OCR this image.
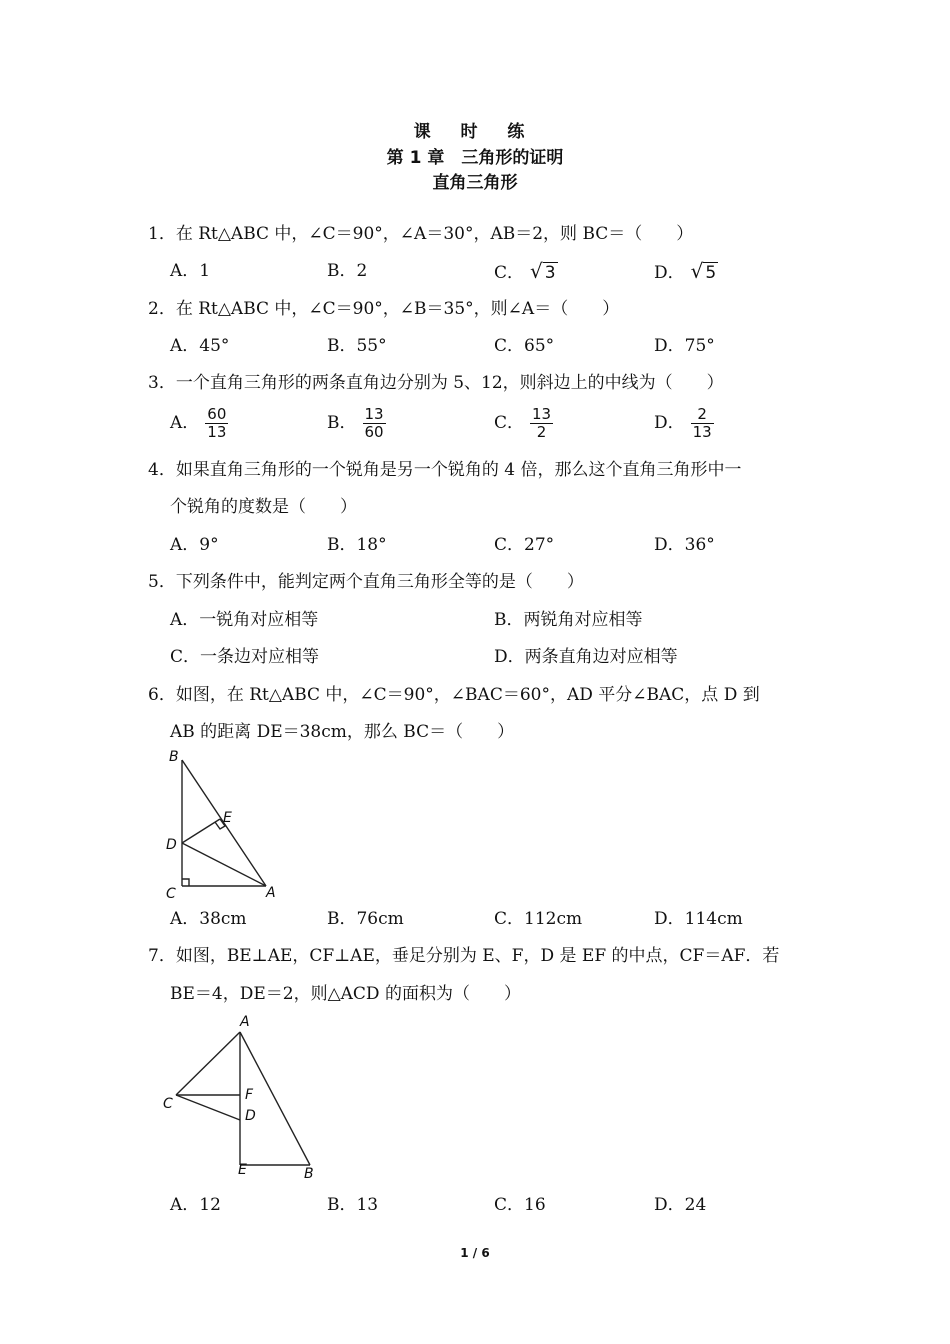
课 时 练
第 1 章　三角形的证明
直角三角形
1．在 Rt△ABC 中，∠C＝90°，∠A＝30°，AB＝2，则 BC＝（　　）
A．1	B．2	C． √ 3	D． √ 5
2．在 Rt△ABC 中，∠C＝90°，∠B＝35°，则∠A＝（　　）
A．45°	B．55°	C．65°	D．75°
3．一个直角三角形的两条直角边分别为 5、12，则斜边上的中线为（　　）
A． $\frac{60}{13}$	B． $\frac{13}{60}$	C． $\frac{13}{2}$	D． $\frac{2}{13}$
4．如果直角三角形的一个锐角是另一个锐角的 4 倍，那么这个直角三角形中一
个锐角的度数是（　　）
A．9°	B．18°	C．27°	D．36°
5．下列条件中，能判定两个直角三角形全等的是（　　）
A．一锐角对应相等	B．两锐角对应相等
C．一条边对应相等	D．两条直角边对应相等
6．如图，在 Rt△ABC 中，∠C＝90°，∠BAC＝60°，AD 平分∠BAC，点 D 到
AB 的距离 DE＝38cm，那么 BC＝（　　）
B
E
D
C	A
A．38cm	B．76cm	C．112cm	D．114cm
7．如图，BE⊥AE，CF⊥AE，垂足分别为 E、F，D 是 EF 的中点，CF＝AF．若
BE＝4，DE＝2，则△ACD 的面积为（　　）
A
C
F
D
E	B
A．12	B．13	C．16	D．24
1 / 6
